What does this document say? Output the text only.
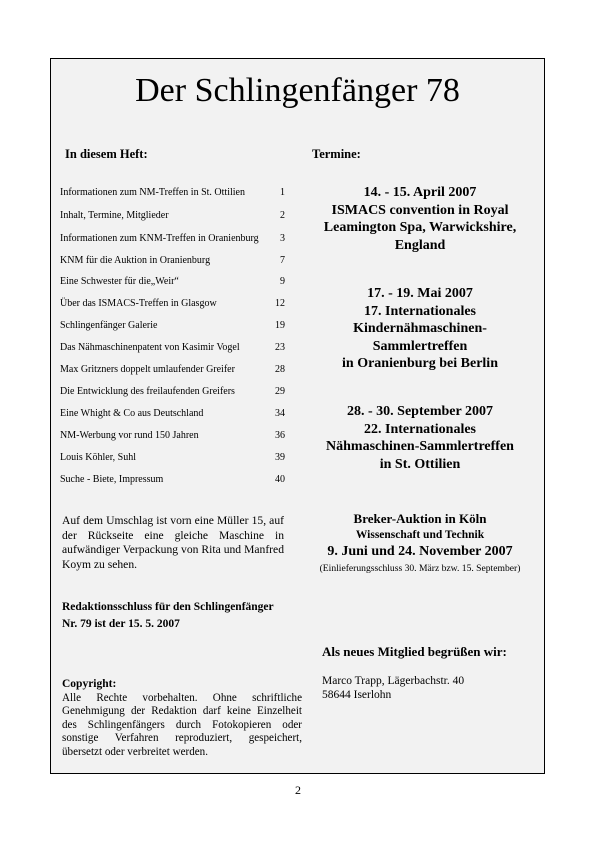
Der Schlingenfänger 78
In diesem Heft:	Termine:
Informationen zum NM-Treffen in St. Ottilien	1
Inhalt, Termine, Mitglieder	2
Informationen zum KNM-Treffen in Oranienburg	3
KNM für die Auktion in Oranienburg	7
Eine Schwester für die„Weir“	9
Über das ISMACS-Treffen in Glasgow	12
Schlingenfänger Galerie	19
Das Nähmaschinenpatent von Kasimir Vogel	23
Max Gritzners doppelt umlaufender Greifer	28
Die Entwicklung des freilaufenden Greifers	29
Eine Whight & Co aus Deutschland	34
NM-Werbung vor rund 150 Jahren	36
Louis Köhler, Suhl	39
Suche - Biete, Impressum	40
14. - 15. April 2007
ISMACS convention in Royal
Leamington Spa, Warwickshire,
England
17. - 19. Mai 2007
17. Internationales
Kindernähmaschinen-
Sammlertreffen
in Oranienburg bei Berlin
28. - 30. September 2007
22. Internationales
Nähmaschinen-Sammlertreffen
in St. Ottilien
Breker-Auktion in Köln
Wissenschaft und Technik
9. Juni und 24. November 2007
(Einlieferungsschluss 30. März bzw. 15. September)

Auf dem Umschlag ist vorn eine Müller 15, auf der Rückseite eine gleiche Maschine in aufwändiger Verpackung von Rita und Manfred Koym zu sehen.

Redaktionsschluss für den Schlingenfänger
Nr. 79 ist der 15. 5. 2007
Copyright:
Alle Rechte vorbehalten. Ohne schriftliche Genehmigung der Redaktion darf keine Einzelheit des Schlingenfängers durch Fotokopieren oder sonstige Verfahren reproduziert, gespeichert, übersetzt oder verbreitet werden.
Als neues Mitglied begrüßen wir:
Marco Trapp, Lägerbachstr. 40
58644 Iserlohn
2
